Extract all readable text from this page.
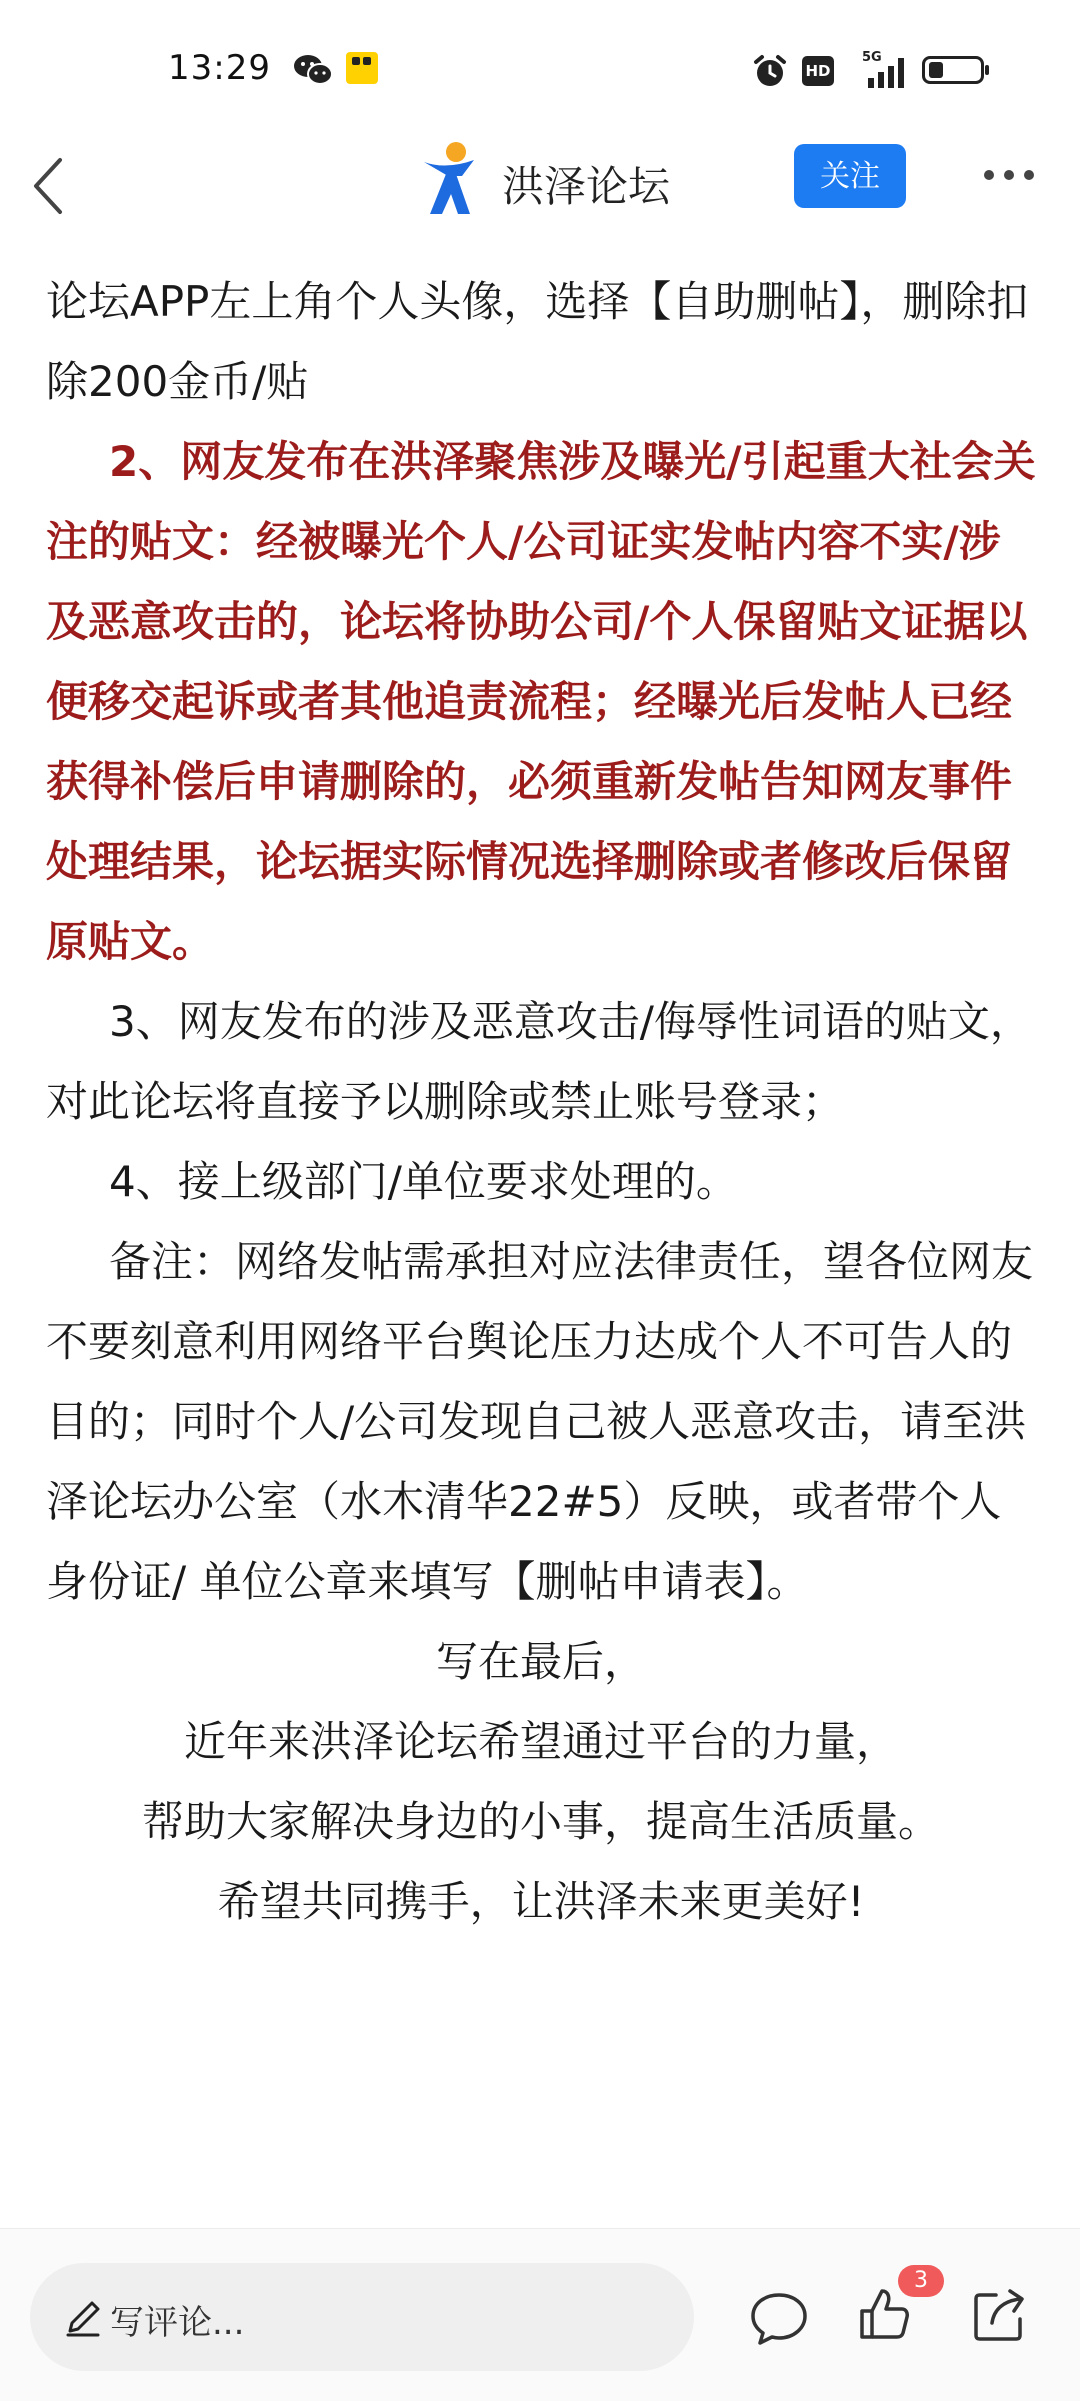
13:29	HD
5G
洪泽论坛	关注

论坛APP左上角个人头像，选择【自助删帖】，删除扣除200金币/贴

2、网友发布在洪泽聚焦涉及曝光/引起重大社会关注的贴文：经被曝光个人/公司证实发帖内容不实/涉及恶意攻击的，论坛将协助公司/个人保留贴文证据以便移交起诉或者其他追责流程；经曝光后发帖人已经获得补偿后申请删除的，必须重新发帖告知网友事件处理结果，论坛据实际情况选择删除或者修改后保留原贴文。

3、网友发布的涉及恶意攻击/侮辱性词语的贴文，对此论坛将直接予以删除或禁止账号登录；

4、接上级部门/单位要求处理的。

备注：网络发帖需承担对应法律责任，望各位网友不要刻意利用网络平台舆论压力达成个人不可告人的目的；同时个人/公司发现自己被人恶意攻击，请至洪泽论坛办公室（水木清华22#5）反映，或者带个人身份证/ 单位公章来填写【删帖申请表】。

写在最后，

近年来洪泽论坛希望通过平台的力量，

帮助大家解决身边的小事，提高生活质量。

希望共同携手，让洪泽未来更美好!

写评论...
3
